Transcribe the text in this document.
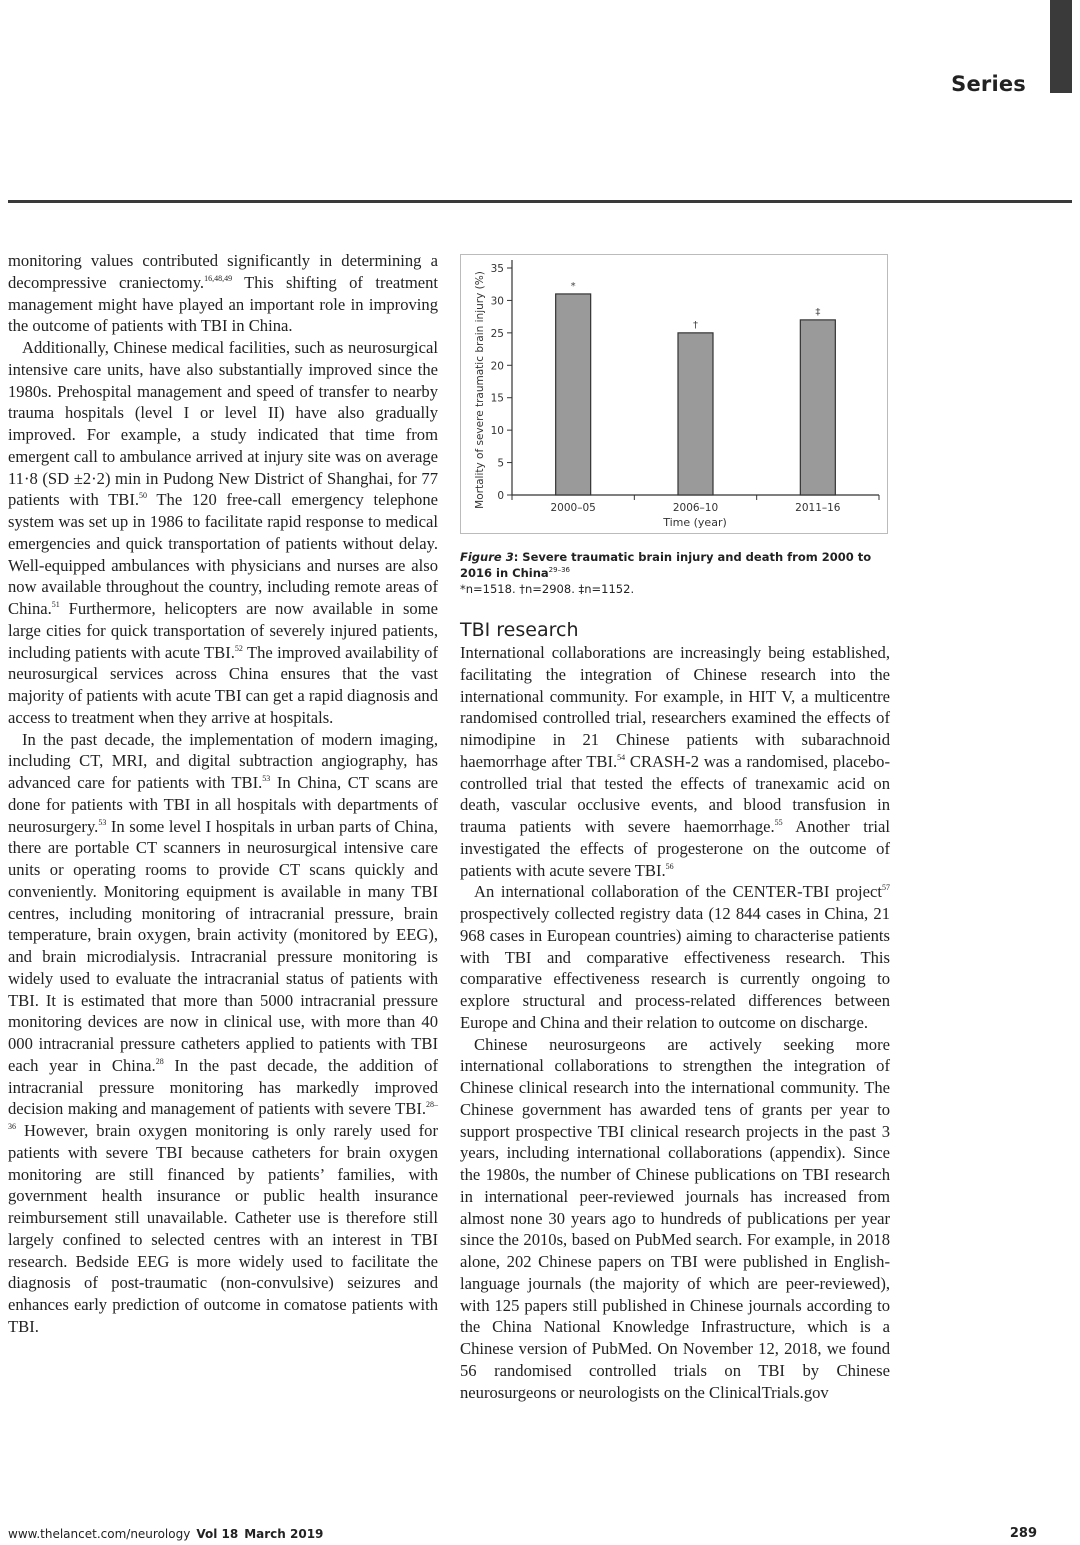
Series

monitoring values contributed significantly in determining a decompressive craniectomy.$^{16,48,49}$ This shifting of treatment management might have played an important role in improving the outcome of patients with TBI in China.

Additionally, Chinese medical facilities, such as neurosurgical intensive care units, have also substantially improved since the 1980s. Prehospital management and speed of transfer to nearby trauma hospitals (level I or level II) have also gradually improved. For example, a study indicated that time from emergent call to ambulance arrived at injury site was on average 11·8 (SD ±2·2) min in Pudong New District of Shanghai, for 77 patients with TBI.$^{50}$ The 120 free-call emergency telephone system was set up in 1986 to facilitate rapid response to medical emergencies and quick transportation of patients without delay. Well-equipped ambulances with physicians and nurses are also now available throughout the country, including remote areas of China.$^{51}$ Furthermore, helicopters are now available in some large cities for quick transportation of severely injured patients, including patients with acute TBI.$^{52}$ The improved availability of neurosurgical services across China ensures that the vast majority of patients with acute TBI can get a rapid diagnosis and access to treatment when they arrive at hospitals.

In the past decade, the implementation of modern imaging, including CT, MRI, and digital subtraction angiography, has advanced care for patients with TBI.$^{53}$ In China, CT scans are done for patients with TBI in all hospitals with departments of neurosurgery.$^{53}$ In some level I hospitals in urban parts of China, there are portable CT scanners in neurosurgical intensive care units or operating rooms to provide CT scans quickly and conveniently. Monitoring equipment is available in many TBI centres, including monitoring of intracranial pressure, brain temperature, brain oxygen, brain activity (monitored by EEG), and brain microdialysis. Intracranial pressure monitoring is widely used to evaluate the intracranial status of patients with TBI. It is estimated that more than 5000 intracranial pressure monitoring devices are now in clinical use, with more than 40 000 intracranial pressure catheters applied to patients with TBI each year in China.$^{28}$ In the past decade, the addition of intracranial pressure monitoring has markedly improved decision making and management of patients with severe TBI.$^{28-36}$ However, brain oxygen monitoring is only rarely used for patients with severe TBI because catheters for brain oxygen monitoring are still financed by patients’ families, with government health insurance or public health insurance reimbursement still unavailable. Catheter use is therefore still largely confined to selected centres with an interest in TBI research. Bedside EEG is more widely used to facilitate the diagnosis of post-traumatic (non-convulsive) seizures and enhances early prediction of outcome in comatose patients with TBI.

Mortality of severe traumatic brain injury (%) 0
5
10
15
20
25
30
35
2000–05	2006–10	2011–16
*
†
‡
Time (year)
Figure 3: Severe traumatic brain injury and death from 2000 to 2016 in China$^{29-36}$
*n=1518. †n=2908. ‡n=1152.
TBI research

International collaborations are increasingly being established, facilitating the integration of Chinese research into the international community. For example, in HIT V, a multicentre randomised controlled trial, researchers examined the effects of nimodipine in 21 Chinese patients with subarachnoid haemorrhage after TBI.$^{54}$ CRASH-2 was a randomised, placebo-controlled trial that tested the effects of tranexamic acid on death, vascular occlusive events, and blood transfusion in trauma patients with severe haemorrhage.$^{55}$ Another trial investigated the effects of progesterone on the outcome of patients with acute severe TBI.$^{56}$

An international collaboration of the CENTER-TBI project$^{57}$ prospectively collected registry data (12 844 cases in China, 21 968 cases in European countries) aiming to characterise patients with TBI and comparative effectiveness research. This comparative effectiveness research is currently ongoing to explore structural and process-related differences between Europe and China and their relation to outcome on discharge.

Chinese neurosurgeons are actively seeking more international collaborations to strengthen the integration of Chinese clinical research into the international community. The Chinese government has awarded tens of grants per year to support prospective TBI clinical research projects in the past 3 years, including international collaborations (appendix). Since the 1980s, the number of Chinese publications on TBI research in international peer-reviewed journals has increased from almost none 30 years ago to hundreds of publications per year since the 2010s, based on PubMed search. For example, in 2018 alone, 202 Chinese papers on TBI were published in English-language journals (the majority of which are peer-reviewed), with 125 papers still published in Chinese journals according to the China National Knowledge Infrastructure, which is a Chinese version of PubMed. On November 12, 2018, we found 56 randomised controlled trials on TBI by Chinese neurosurgeons or neurologists on the ClinicalTrials.gov

www.thelancet.com/neurology Vol 18 March 2019	289
